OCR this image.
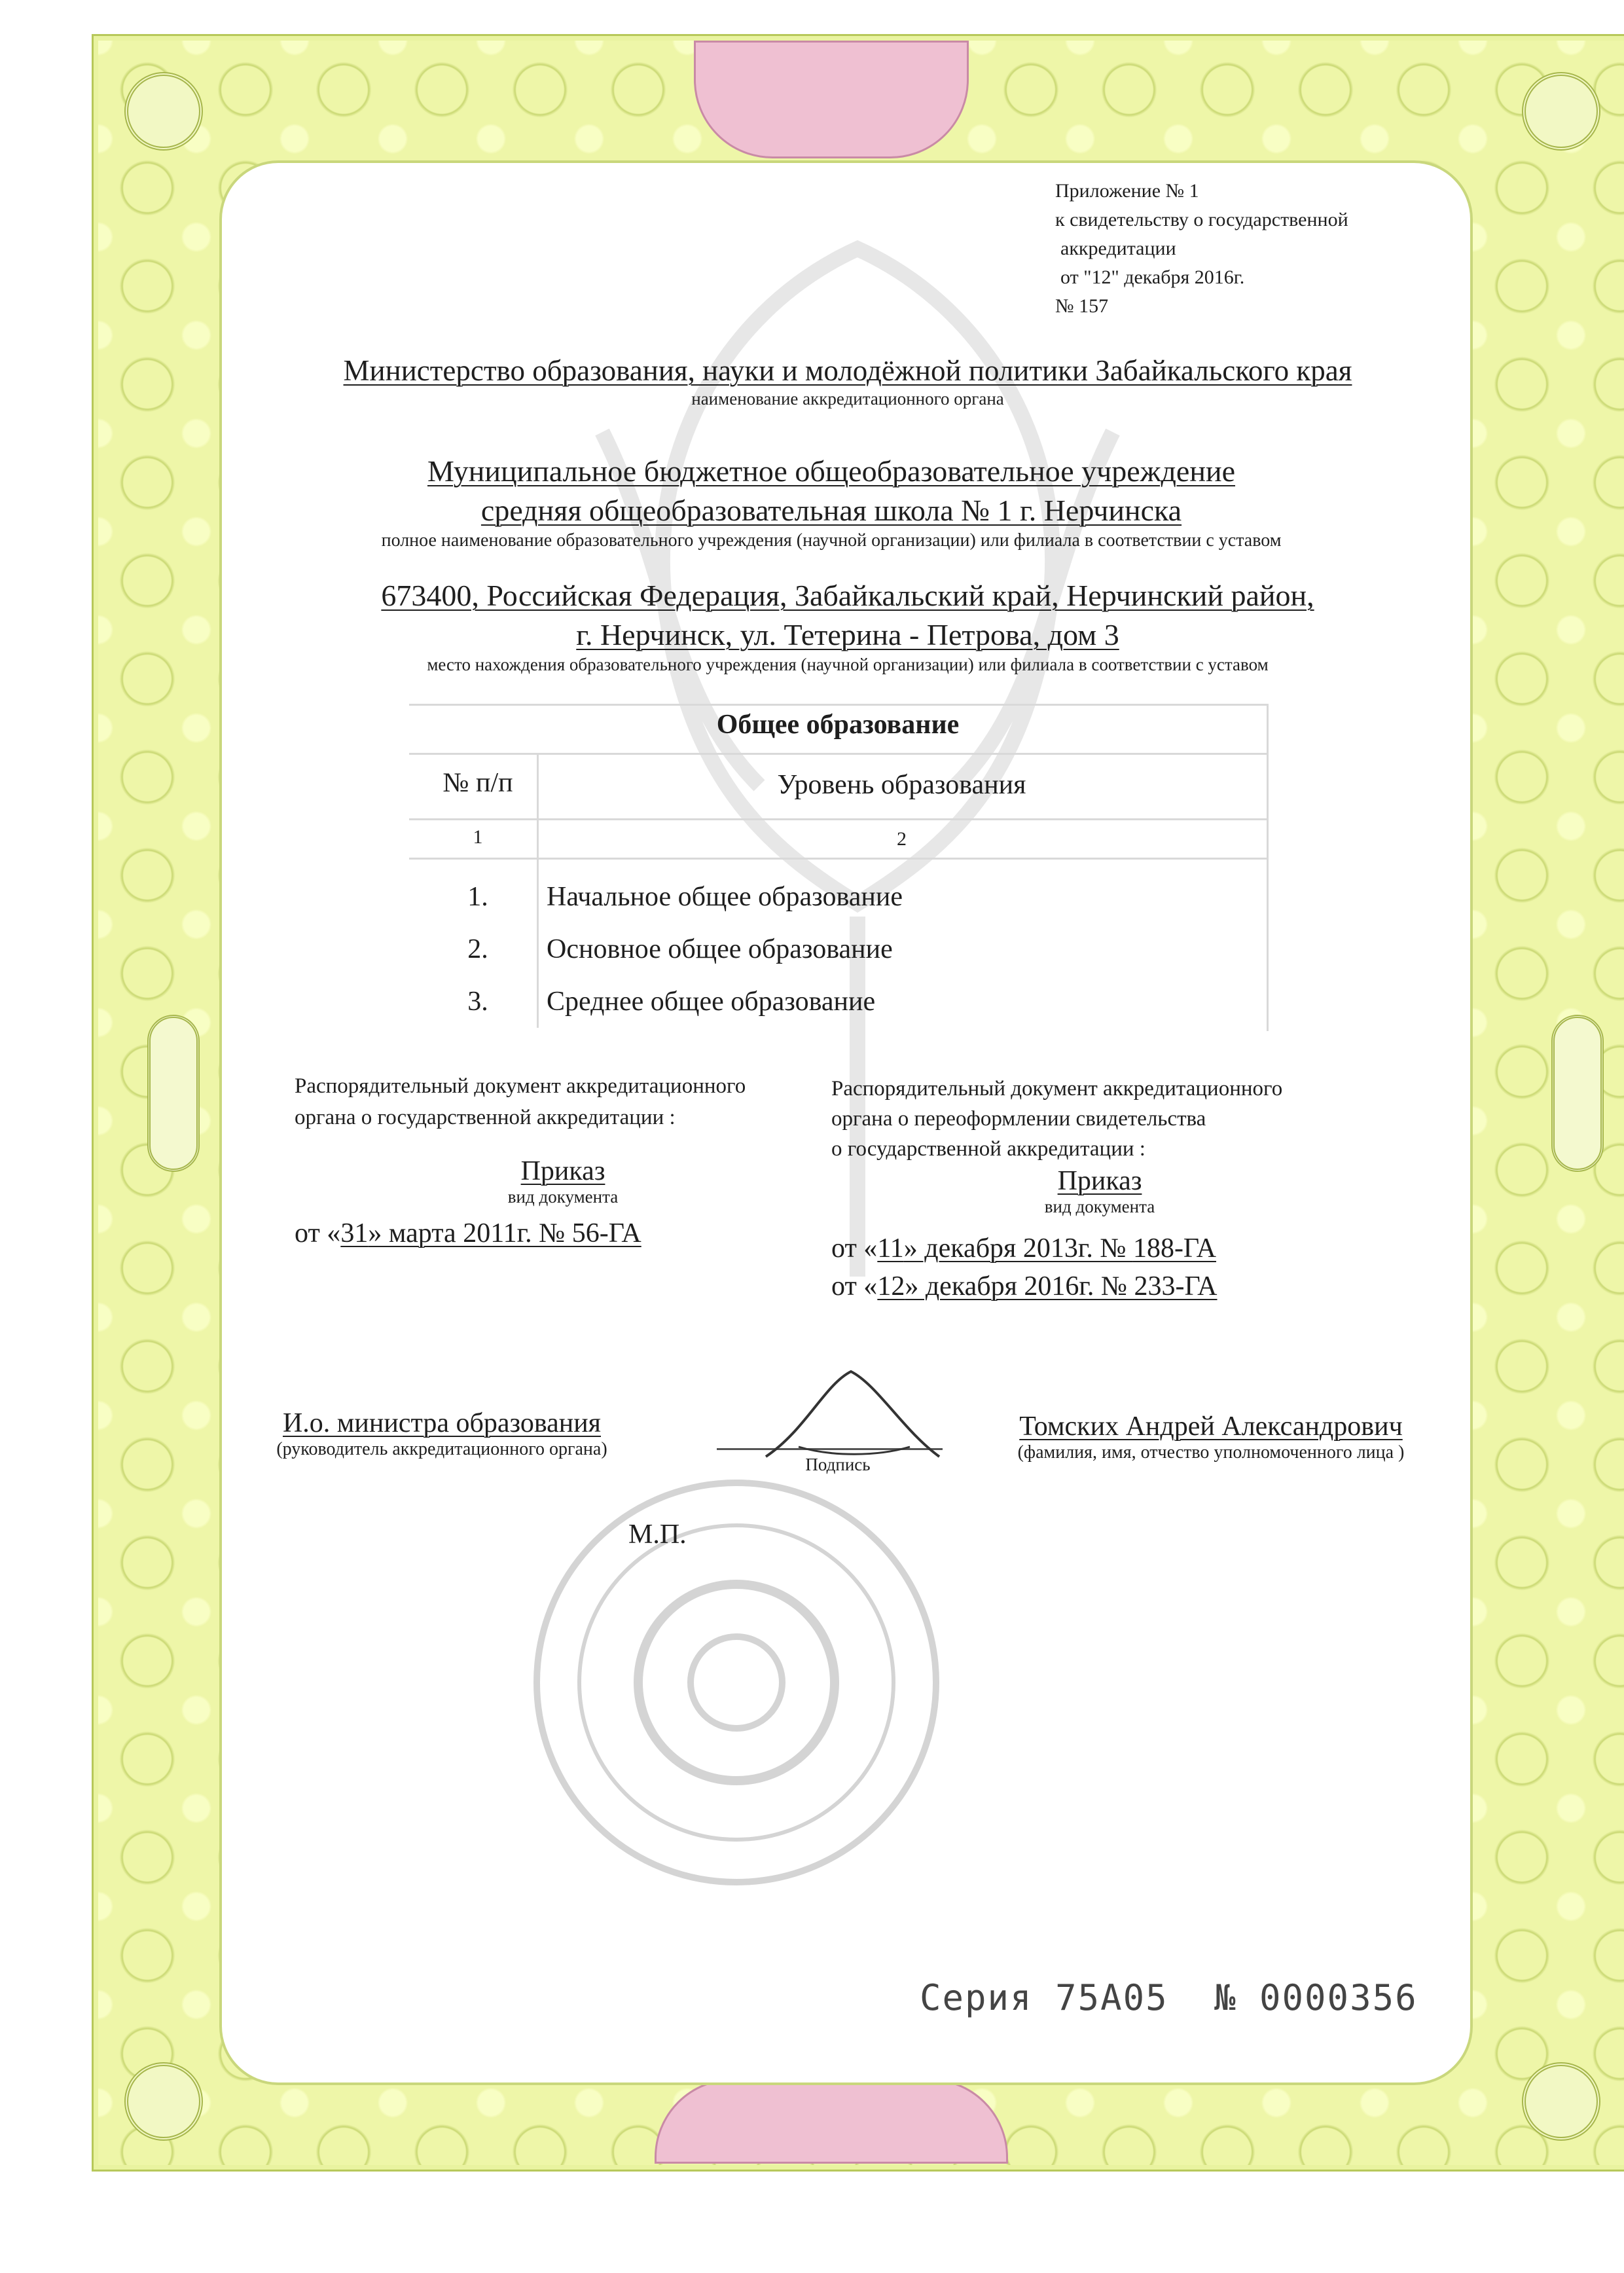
Приложение № 1
к свидетельству о государственной
аккредитации
от "12" декабря 2016г.
№ 157
Министерство образования, науки и молодёжной политики Забайкальского края
наименование аккредитационного органа
Муниципальное бюджетное общеобразовательное учреждение
средняя общеобразовательная школа № 1 г. Нерчинска
полное наименование образовательного учреждения (научной организации) или филиала в соответствии с уставом
673400, Российская Федерация, Забайкальский край, Нерчинский район,
г. Нерчинск, ул. Тетерина - Петрова, дом 3
место нахождения образовательного учреждения (научной организации) или филиала в соответствии с уставом
Общее образование
№ п/п	Уровень образования
1	2
1.
2.
3.
Начальное общее образование
Основное общее образование
Среднее общее образование
Распорядительный документ аккредитационного
органа о государственной аккредитации :
Приказ
вид документа
от «31» марта 2011г. № 56-ГА
Распорядительный документ аккредитационного
органа о переоформлении свидетельства
о государственной аккредитации :
Приказ
вид документа
от «11» декабря 2013г. № 188-ГА
от «12» декабря 2016г. № 233-ГА
И.о. министра образования
(руководитель аккредитационного органа)
Подпись
Томских Андрей Александрович
(фамилия, имя, отчество уполномоченного лица )
М.П.
Серия 75А05 № 0000356
